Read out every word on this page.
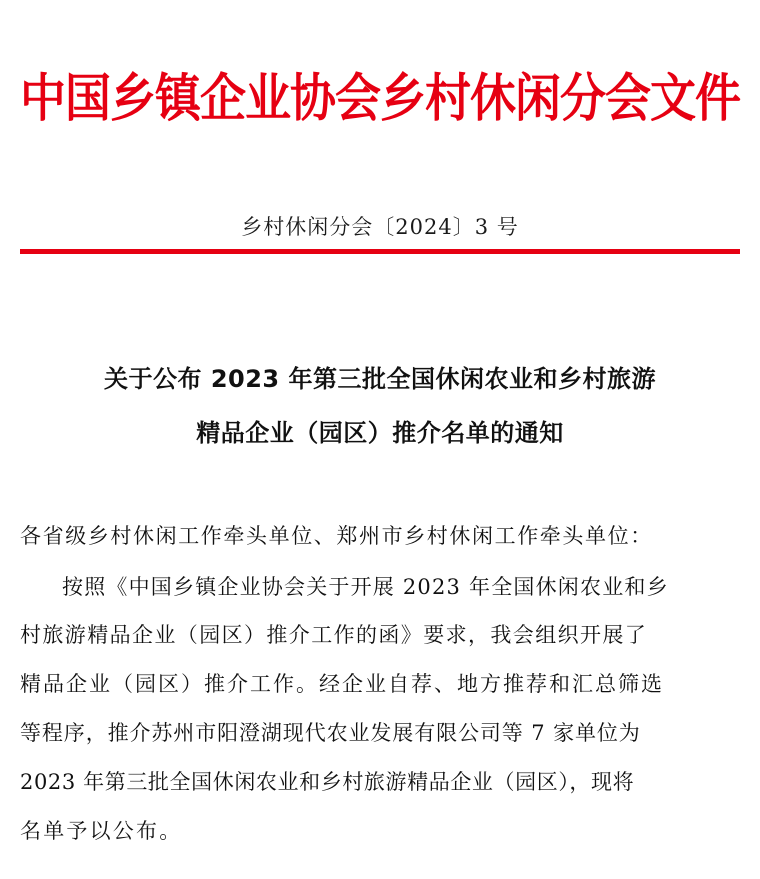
中国乡镇企业协会乡村休闲分会文件
乡村休闲分会〔2024〕3 号
关于公布 2023 年第三批全国休闲农业和乡村旅游
精品企业（园区）推介名单的通知
各省级乡村休闲工作牵头单位、郑州市乡村休闲工作牵头单位：
按照《中国乡镇企业协会关于开展 2023 年全国休闲农业和乡
村旅游精品企业（园区）推介工作的函》要求，我会组织开展了
精品企业（园区）推介工作。经企业自荐、地方推荐和汇总筛选
等程序，推介苏州市阳澄湖现代农业发展有限公司等 7 家单位为
2023 年第三批全国休闲农业和乡村旅游精品企业（园区），现将
名单予以公布。
